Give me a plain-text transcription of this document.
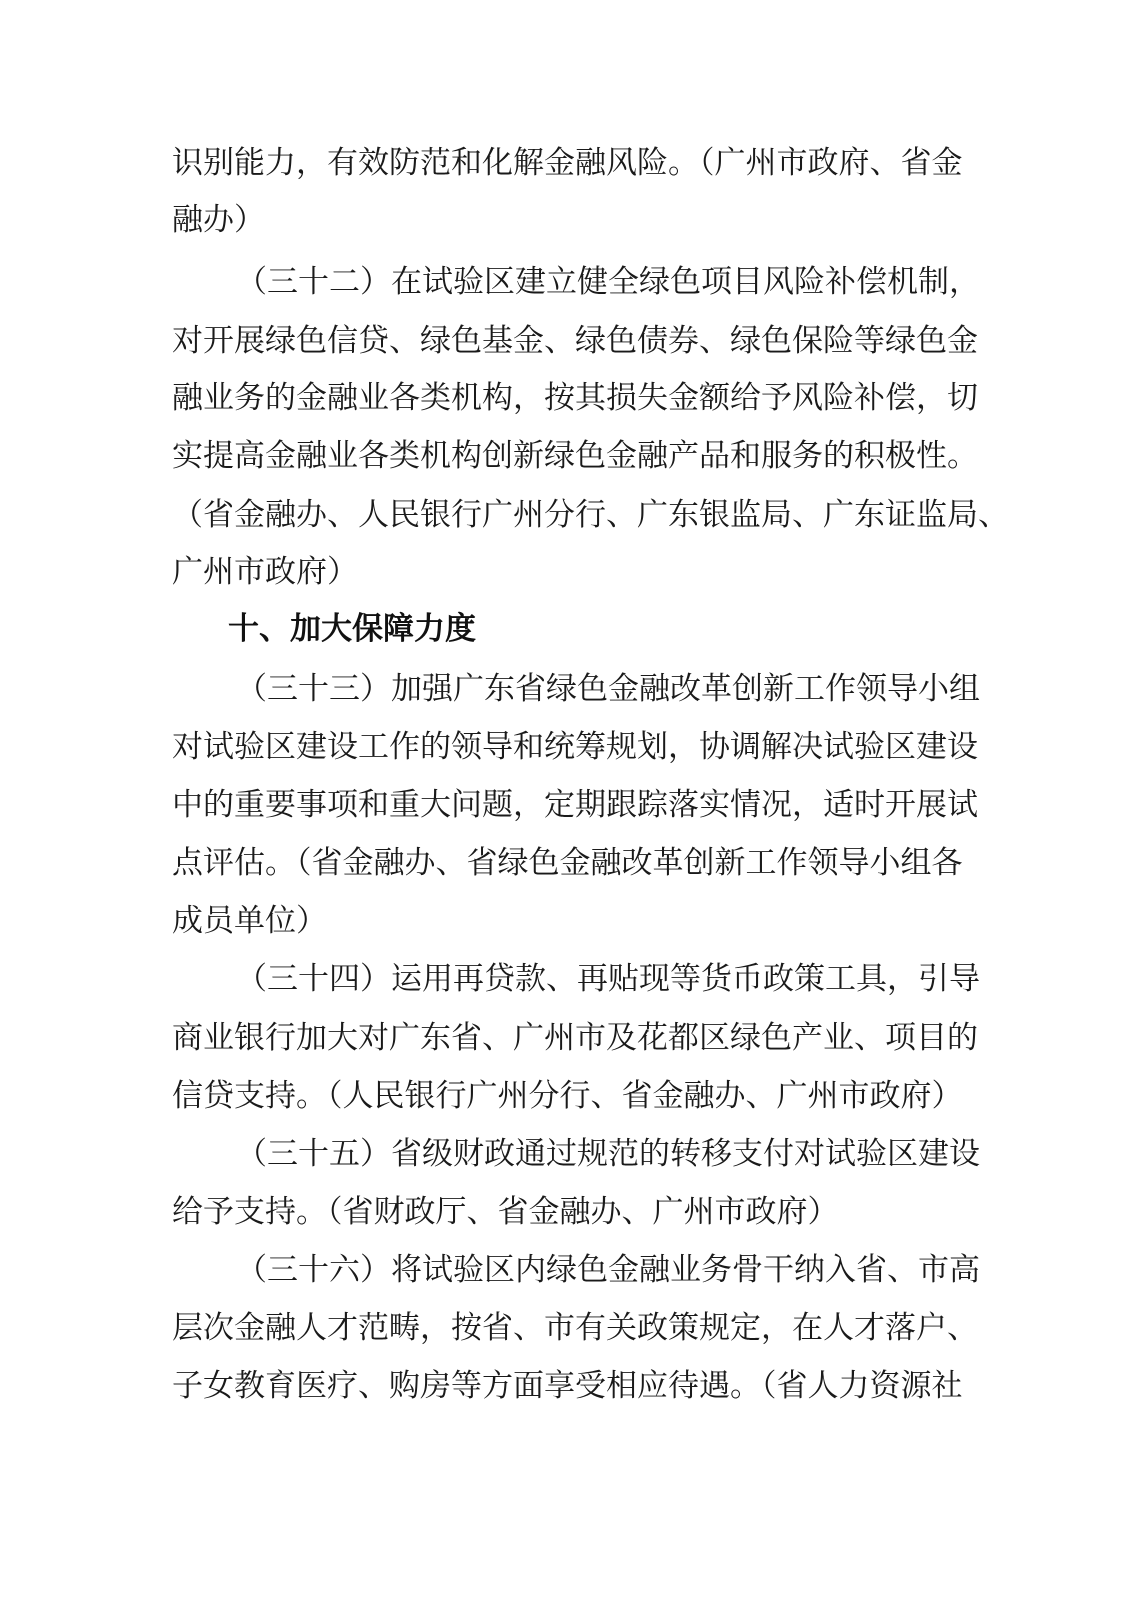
识别能力，有效防范和化解金融风险。（广州市政府、省金
融办）
（三十二）在试验区建立健全绿色项目风险补偿机制，
对开展绿色信贷、绿色基金、绿色债券、绿色保险等绿色金
融业务的金融业各类机构，按其损失金额给予风险补偿，切
实提高金融业各类机构创新绿色金融产品和服务的积极性。
（省金融办、人民银行广州分行、广东银监局、广东证监局、
广州市政府）
十、加大保障力度
（三十三）加强广东省绿色金融改革创新工作领导小组
对试验区建设工作的领导和统筹规划，协调解决试验区建设
中的重要事项和重大问题，定期跟踪落实情况，适时开展试
点评估。（省金融办、省绿色金融改革创新工作领导小组各
成员单位）
（三十四）运用再贷款、再贴现等货币政策工具，引导
商业银行加大对广东省、广州市及花都区绿色产业、项目的
信贷支持。（人民银行广州分行、省金融办、广州市政府）
（三十五）省级财政通过规范的转移支付对试验区建设
给予支持。（省财政厅、省金融办、广州市政府）
（三十六）将试验区内绿色金融业务骨干纳入省、市高
层次金融人才范畴，按省、市有关政策规定，在人才落户、
子女教育医疗、购房等方面享受相应待遇。（省人力资源社
